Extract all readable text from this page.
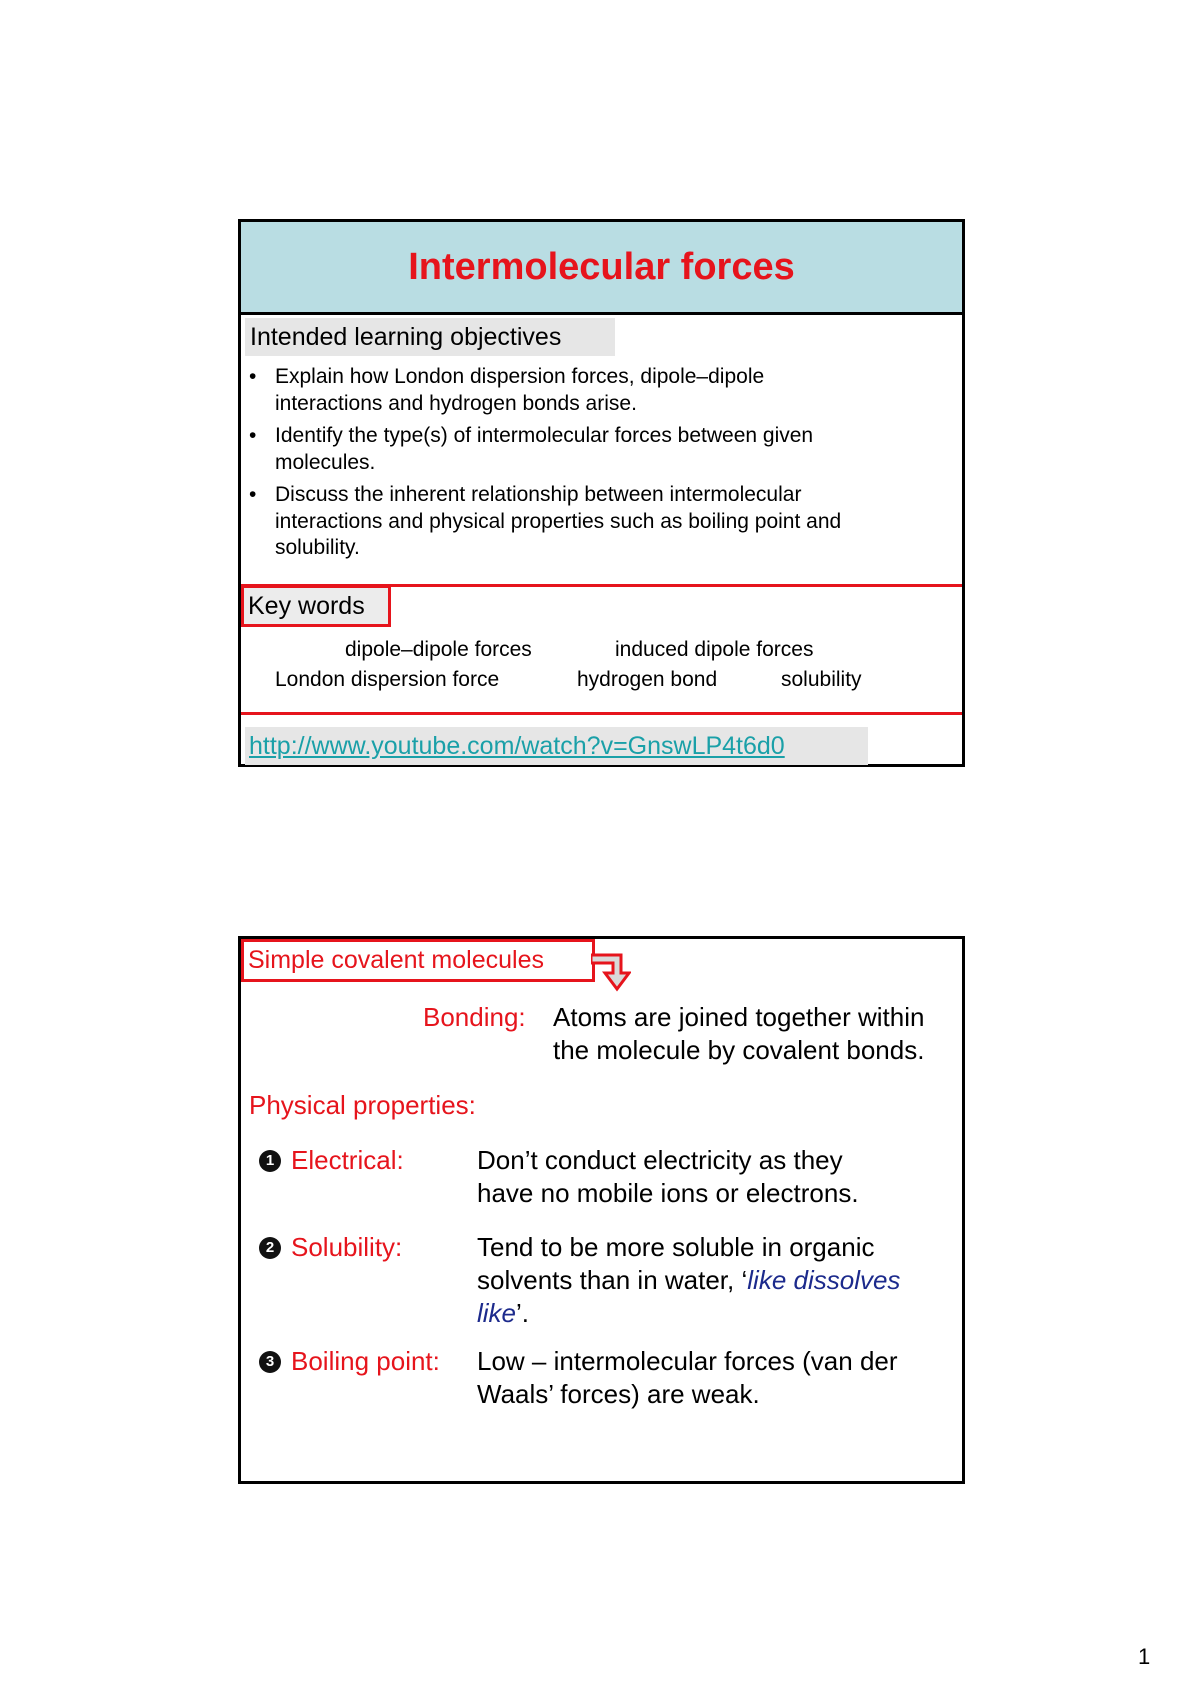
Intermolecular forces
Intended learning objectives
• Explain how London dispersion forces, dipole–dipole
interactions and hydrogen bonds arise.
• Identify the type(s) of intermolecular forces between given
molecules.
• Discuss the inherent relationship between intermolecular
interactions and physical properties such as boiling point and
solubility.
Key words
dipole–dipole forces	induced dipole forces
London dispersion force	hydrogen bond	solubility
http://www.youtube.com/watch?v=GnswLP4t6d0
Simple covalent molecules
Bonding: Atoms are joined together within
the molecule by covalent bonds.
Physical properties:
1 Electrical:	Don’t conduct electricity as they
have no mobile ions or electrons.
2 Solubility:	Tend to be more soluble in organic
solvents than in water, ‘like dissolves
like’.
3 Boiling point: Low – intermolecular forces (van der
Waals’ forces) are weak.
1
